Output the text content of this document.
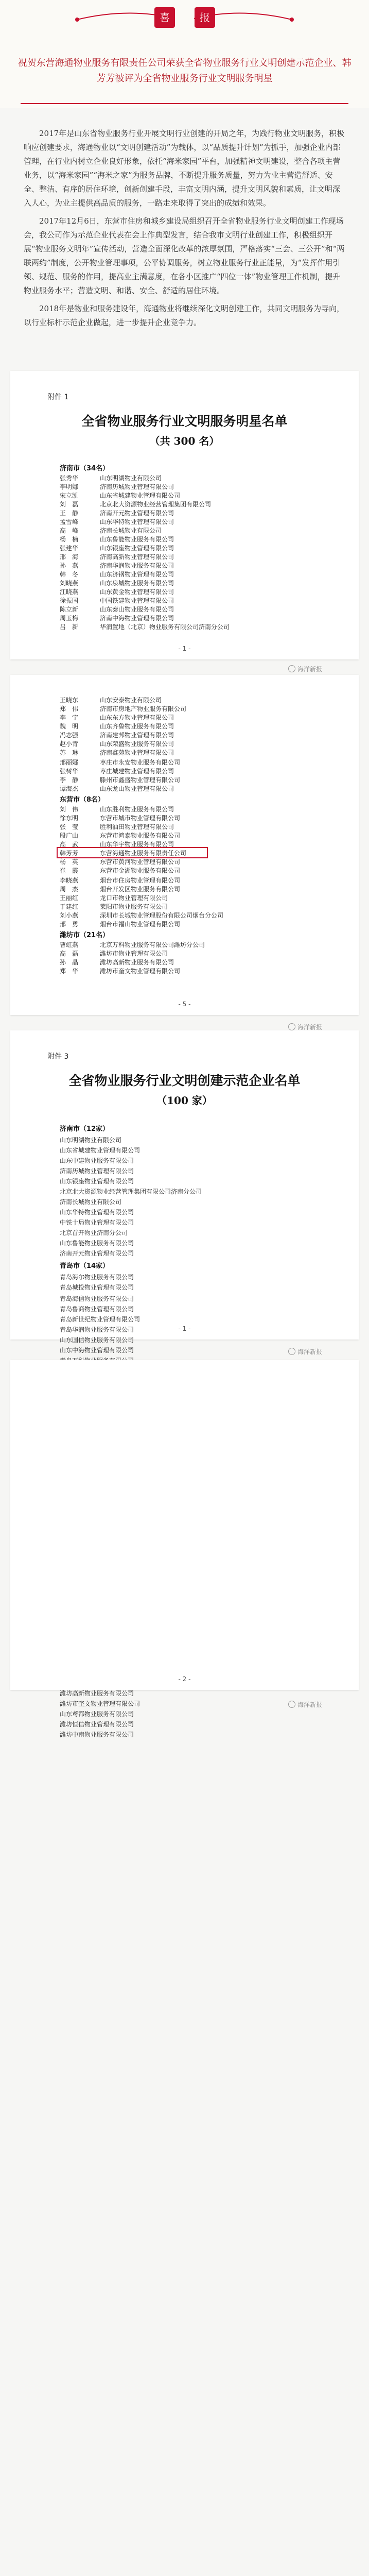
喜	报
祝贺东营海通物业服务有限责任公司荣获全省物业服务行业文明创建示范企业、韩芳芳被评为全省物业服务行业文明服务明星

2017年是山东省物业服务行业开展文明行业创建的开局之年，为践行物业文明服务，积极响应创建要求，海通物业以“文明创建活动”为载体，以“品质提升计划”为抓手，加强企业内部管理，在行业内树立企业良好形象，依托“海米家园”平台，加强精神文明建设，整合各项主营业务，以“海米家园”“海米之家”为服务品牌，不断提升服务质量，努力为业主营造舒适、安全、整洁、有序的居住环境，创新创建手段，丰富文明内涵，提升文明风貌和素质，让文明深入人心，为业主提供高品质的服务，一路走来取得了突出的成绩和效果。

2017年12月6日，东营市住房和城乡建设局组织召开全省物业服务行业文明创建工作现场会，我公司作为示范企业代表在会上作典型发言，结合我市文明行业创建工作，积极组织开展“物业服务文明年”宣传活动，营造全面深化改革的浓厚氛围，严格落实“三会、三公开”和“两联两约”制度，公开物业管理事项，公平协调服务，树立物业服务行业正能量，为“发挥作用引领、规范、服务的作用，提高业主满意度，在各小区推广“四位一体”物业管理工作机制，提升物业服务水平；营造文明、和谐、安全、舒适的居住环境。

2018年是物业和服务建设年，海通物业将继续深化文明创建工作，共同文明服务为导向，以行业标杆示范企业做起，进一步提升企业竞争力。

- 1 -
附件 1
全省物业服务行业文明服务明星名单
（共 300 名）
济南市（34名）
张秀华	山东明湖物业有限公司
李明娜	济南历城物业管理有限公司
宋立凯	山东省城建物业管理有限公司
刘　磊	北京北大资源物业经营管理集团有限公司
王　静	济南开元物业管理有限公司
孟雪峰	山东华特物业管理有限公司
高　峰	济南长城物业有限公司
杨　楠	山东鲁能物业服务有限公司
张建华	山东银座物业管理有限公司
邢　海	济南高新物业管理有限公司
孙　燕	济南华润物业服务有限公司
韩　冬	山东济钢物业管理有限公司
刘晓燕	山东泉城物业服务有限公司
江晓燕	山东黄金物业管理有限公司
徐振国	中国铁建物业管理有限公司
陈立新	山东泰山物业服务有限公司
周玉梅	济南中海物业管理有限公司
吕　新	华润置地（北京）物业服务有限公司济南分公司
- 5 -
王晓东	山东安泰物业有限公司
郑　伟	济南市房地产物业服务有限公司
李　宁	山东东方物业管理有限公司
魏　明	山东齐鲁物业服务有限公司
冯志强	济南建邦物业管理有限公司
赵小青	山东荣盛物业服务有限公司
苏　琳	济南鑫苑物业管理有限公司
邢丽娜	枣庄市永安物业服务有限公司
张树华	枣庄城建物业管理有限公司
李　静	滕州市鑫盛物业管理有限公司
谭海杰	山东龙山物业管理有限公司
东营市（8名）
刘　伟	山东胜利物业服务有限公司
徐东明	东营市城市物业管理有限公司
张　莹	胜利油田物业管理有限公司
殷广山	东营市鸿泰物业服务有限公司
高　武	山东华宇物业服务有限公司
韩芳芳	东营海通物业服务有限责任公司
杨　英	东营市黄河物业管理有限公司
崔　霞	东营市金湖物业服务有限公司
李晓燕	烟台市住房物业管理有限公司
周　杰	烟台开发区物业服务有限公司
王丽红	龙口市物业管理有限公司
于建红	莱阳市物业服务有限公司
刘小燕	深圳市长城物业管理股份有限公司烟台分公司
邢　勇	烟台市福山物业管理有限公司
潍坊市（21名）
曹虹燕	北京万科物业服务有限公司潍坊分公司
高　磊	潍坊市物业管理有限公司
孙　晶	潍坊高新物业服务有限公司
郑　华	潍坊市奎文物业管理有限公司
- 1 -
附件 3
全省物业服务行业文明创建示范企业名单
（100 家）
济南市（12家）
山东明湖物业有限公司
山东省城建物业管理有限公司
山东中建物业服务有限公司
济南历城物业管理有限公司
山东银座物业管理有限公司
北京北大资源物业经营管理集团有限公司济南分公司
济南长城物业有限公司
山东华特物业管理有限公司
中铁十局物业管理有限公司
北京首开物业济南分公司
山东鲁能物业服务有限公司
济南开元物业管理有限公司
青岛市（14家）
青岛海尔物业服务有限公司
青岛城投物业管理有限公司
青岛海信物业服务有限公司
青岛鲁商物业管理有限公司
青岛新世纪物业管理有限公司
青岛华润物业服务有限公司
山东国信物业服务有限公司
山东中海物业管理有限公司
潍坊高新物业服务有限公司
潍坊市奎文物业管理有限公司
山东鸢都物业服务有限公司
潍坊恒信物业管理有限公司
潍坊中南物业服务有限公司
- 2 -
海洋新报
海洋新报
海洋新报
海洋新报
